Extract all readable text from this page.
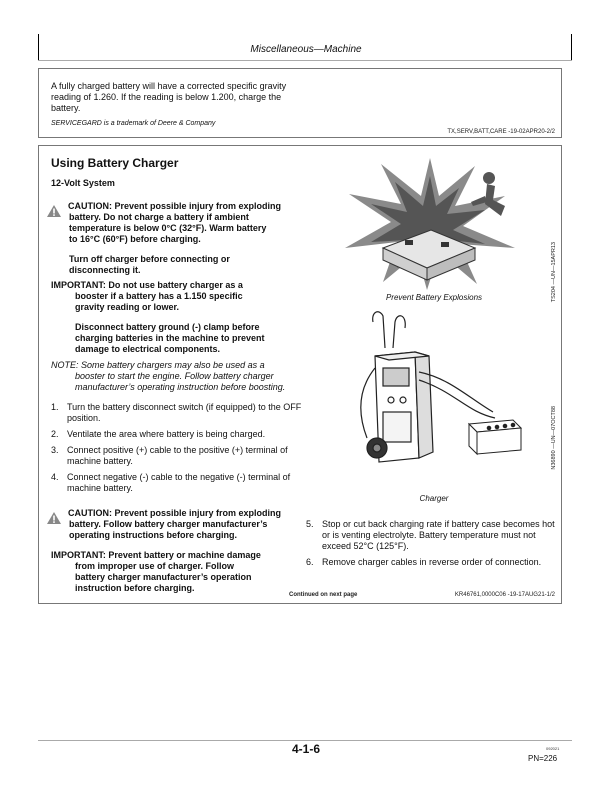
Miscellaneous—Machine
A fully charged battery will have a corrected specific gravity reading of 1.260. If the reading is below 1.200, charge the battery.
SERVICEGARD is a trademark of Deere & Company
TX,SERV,BATT,CARE -19-02APR20-2/2
Using Battery Charger
12-Volt System
CAUTION: Prevent possible injury from exploding
battery. Do not charge a battery if ambient
temperature is below 0°C (32°F). Warm battery
to 16°C (60°F) before charging.
Turn off charger before connecting or
disconnecting it.
IMPORTANT: Do not use battery charger as a
booster if a battery has a 1.150 specific
gravity reading or lower.
Disconnect battery ground (-) clamp before
charging batteries in the machine to prevent
damage to electrical components.
NOTE: Some battery chargers may also be used as a
booster to start the engine. Follow battery charger
manufacturer’s operating instruction before boosting.
1. Turn the battery disconnect switch (if equipped) to the OFF position.
2. Ventilate the area where battery is being charged.
3. Connect positive (+) cable to the positive (+) terminal of machine battery.
4. Connect negative (-) cable to the negative (-) terminal of machine battery.
CAUTION: Prevent possible injury from exploding
battery. Follow battery charger manufacturer’s
operating instructions before charging.
IMPORTANT: Prevent battery or machine damage
from improper use of charger. Follow
battery charger manufacturer’s operation
instruction before charging.
TS204 —UN—15APR13
Prevent Battery Explosions
N36890 —UN—07OCT88
Charger
5. Stop or cut back charging rate if battery case becomes hot or is venting electrolyte. Battery temperature must not exceed 52°C (125°F).
6. Remove charger cables in reverse order of connection.
Continued on next page	KR46761,0000C06 -19-17AUG21-1/2
4-1-6	092021
PN=226
